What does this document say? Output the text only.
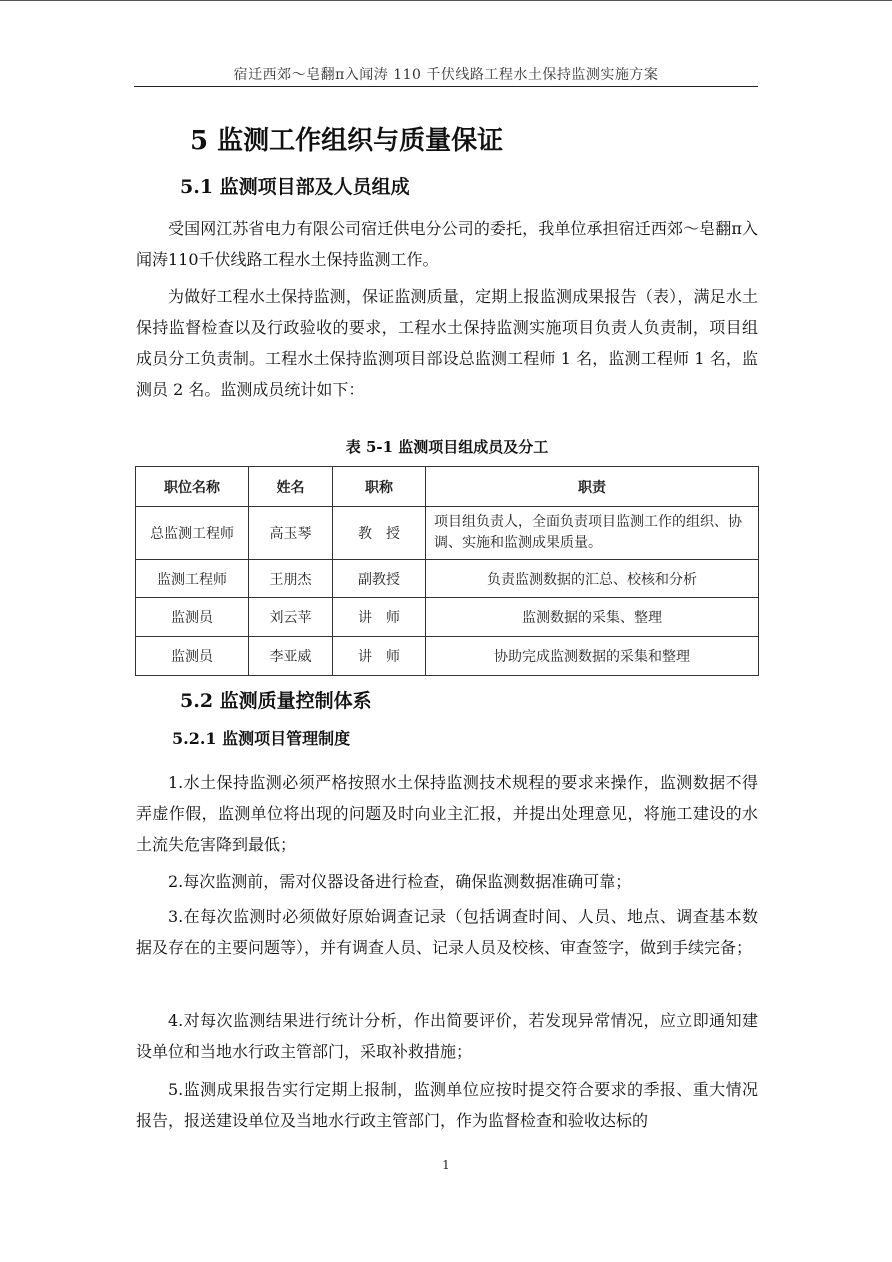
宿迁西郊～皂翻π入闻涛 110 千伏线路工程水土保持监测实施方案
5 监测工作组织与质量保证
5.1 监测项目部及人员组成

受国网江苏省电力有限公司宿迁供电分公司的委托，我单位承担宿迁西郊～皂翻π入闻涛110千伏线路工程水土保持监测工作。

为做好工程水土保持监测，保证监测质量，定期上报监测成果报告（表），满足水土保持监督检查以及行政验收的要求，工程水土保持监测实施项目负责人负责制，项目组成员分工负责制。工程水土保持监测项目部设总监测工程师 1 名，监测工程师 1 名，监测员 2 名。监测成员统计如下：

表 5-1 监测项目组成员及分工
职位名称	姓名	职称	职责
总监测工程师	高玉琴	教　授	项目组负责人，全面负责项目监测工作的组织、协调、实施和监测成果质量。
监测工程师	王朋杰	副教授	负责监测数据的汇总、校核和分析
监测员	刘云苹	讲　师	监测数据的采集、整理
监测员	李亚威	讲　师	协助完成监测数据的采集和整理
5.2 监测质量控制体系
5.2.1 监测项目管理制度

1.水土保持监测必须严格按照水土保持监测技术规程的要求来操作，监测数据不得弄虚作假，监测单位将出现的问题及时向业主汇报，并提出处理意见，将施工建设的水土流失危害降到最低；

2.每次监测前，需对仪器设备进行检查，确保监测数据准确可靠；

3.在每次监测时必须做好原始调查记录（包括调查时间、人员、地点、调查基本数据及存在的主要问题等），并有调查人员、记录人员及校核、审查签字，做到手续完备；

4.对每次监测结果进行统计分析，作出简要评价，若发现异常情况，应立即通知建设单位和当地水行政主管部门，采取补救措施；

5.监测成果报告实行定期上报制，监测单位应按时提交符合要求的季报、重大情况报告，报送建设单位及当地水行政主管部门，作为监督检查和验收达标的

1
